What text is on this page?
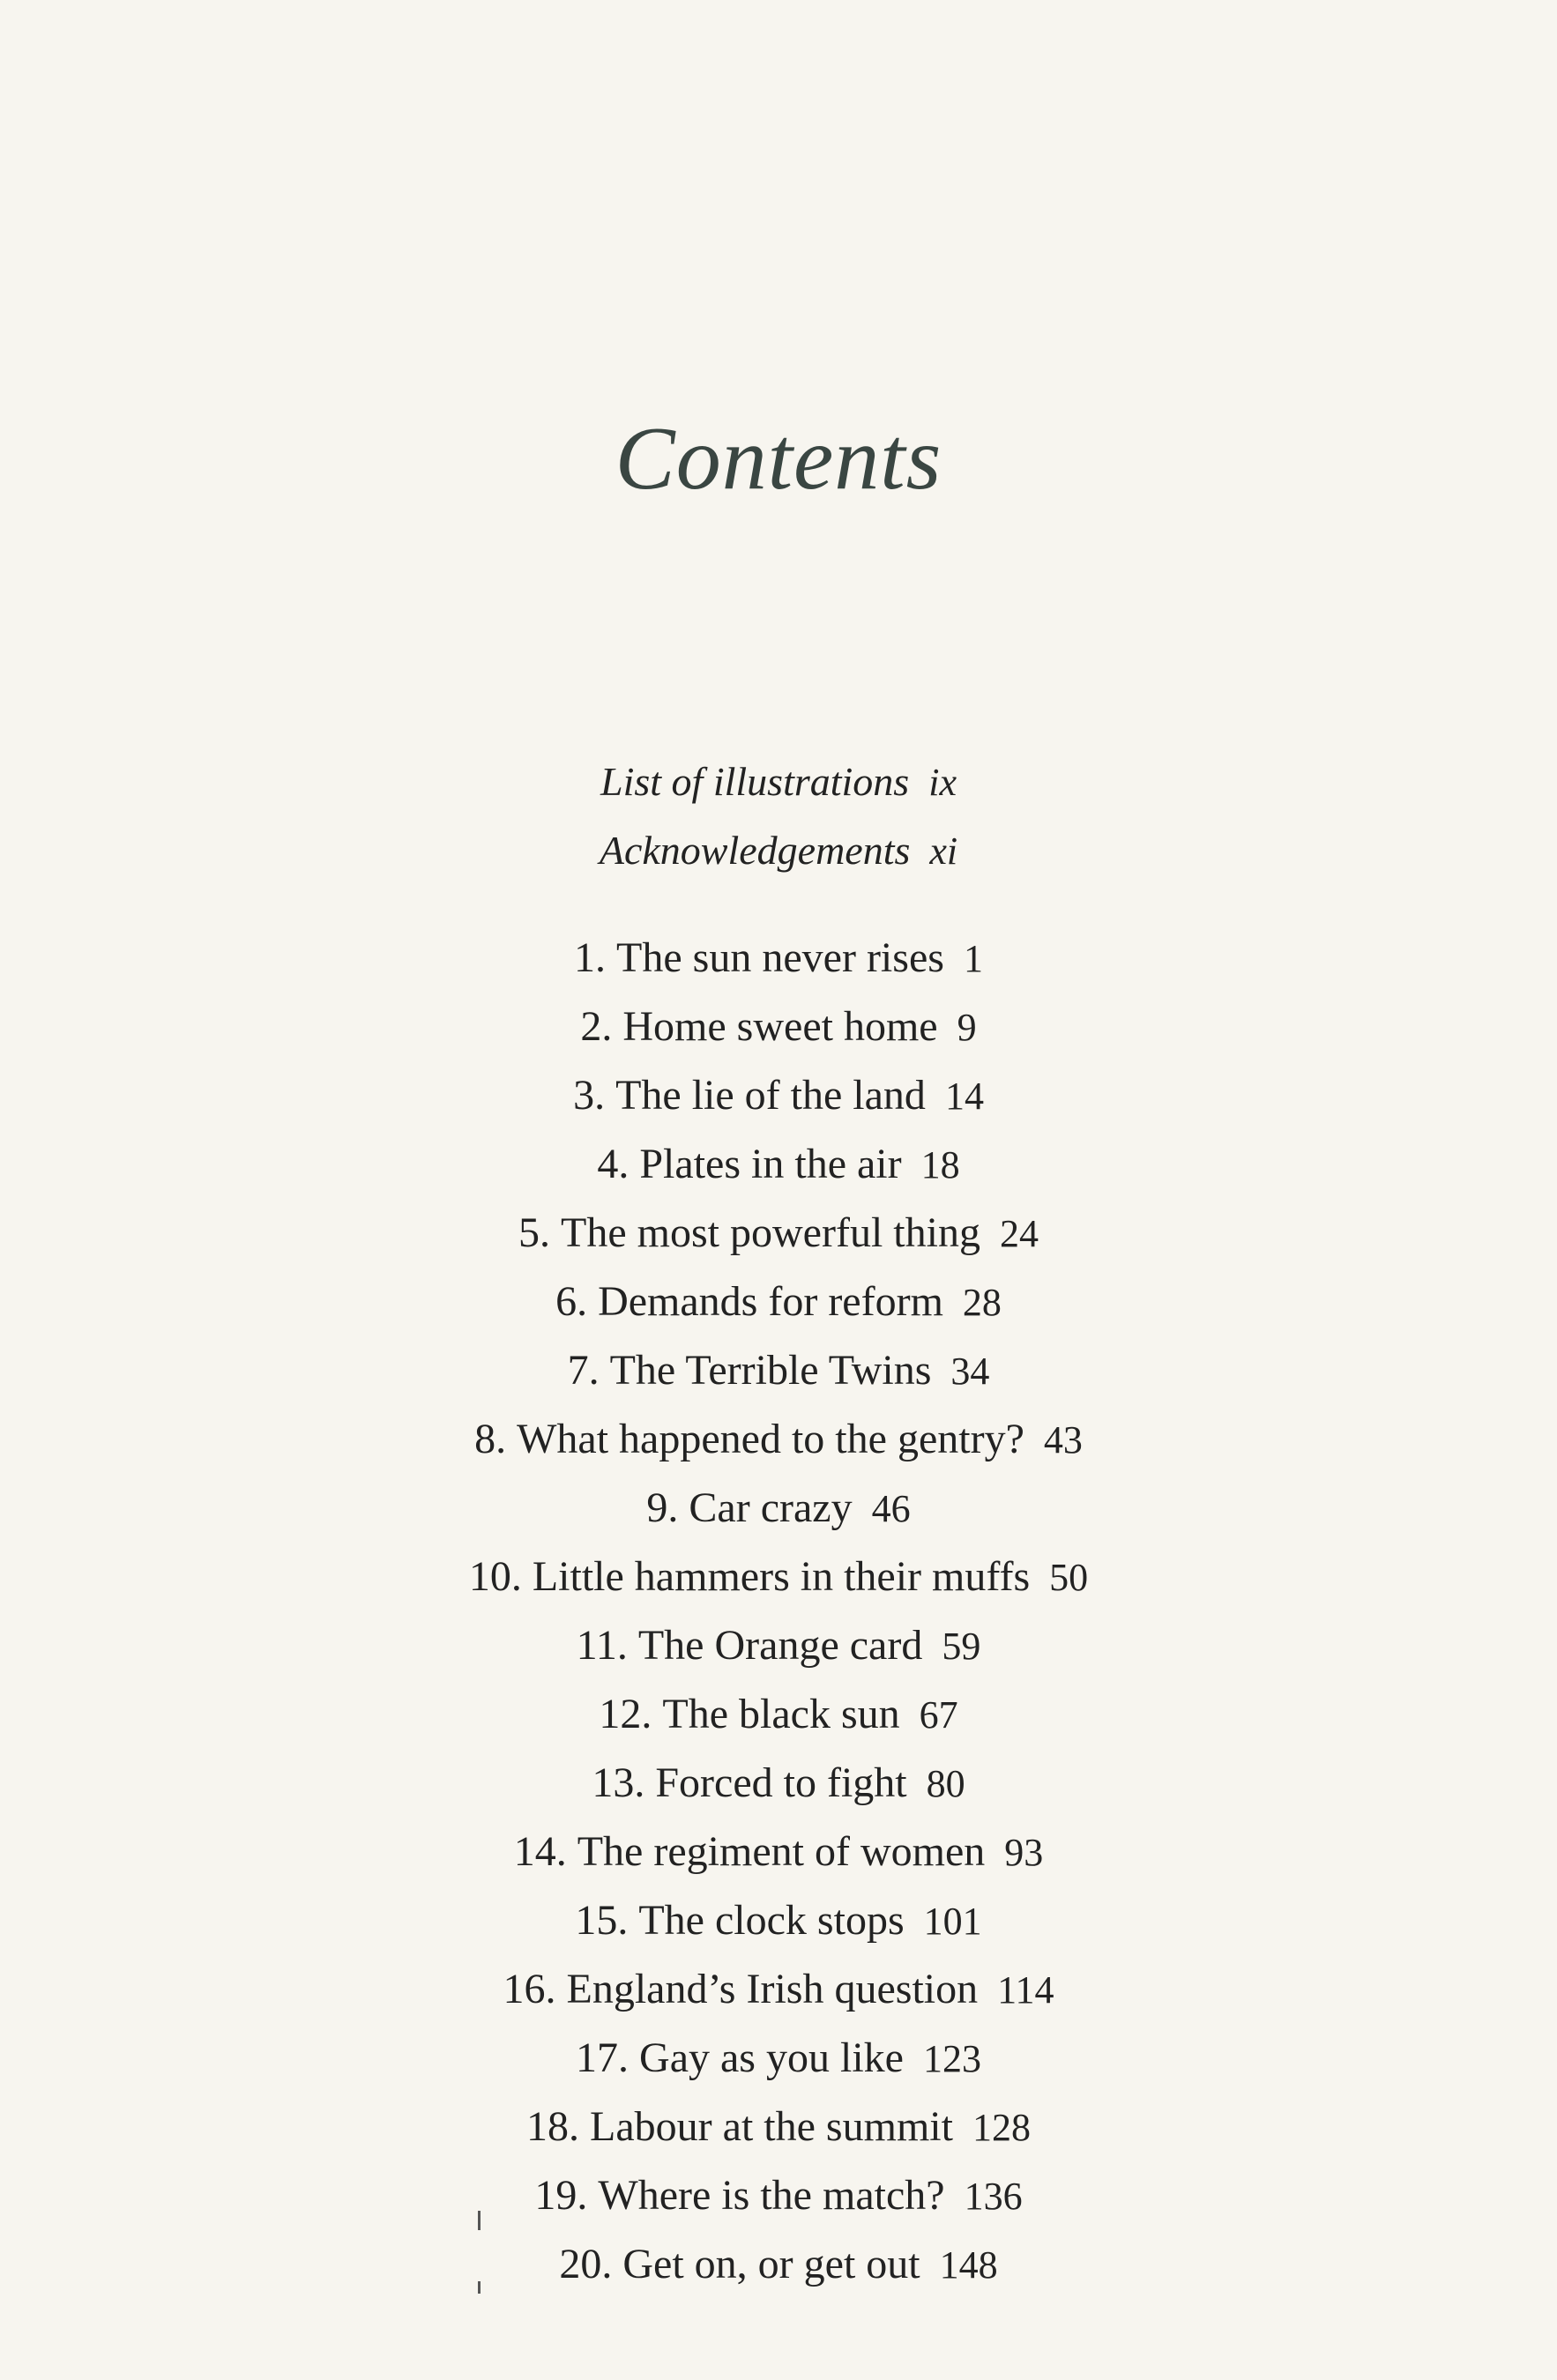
Contents
List of illustrations ix
Acknowledgements xi
1. The sun never rises 1
2. Home sweet home 9
3. The lie of the land 14
4. Plates in the air 18
5. The most powerful thing 24
6. Demands for reform 28
7. The Terrible Twins 34
8. What happened to the gentry? 43
9. Car crazy 46
10. Little hammers in their muffs 50
11. The Orange card 59
12. The black sun 67
13. Forced to fight 80
14. The regiment of women 93
15. The clock stops 101
16. England’s Irish question 114
17. Gay as you like 123
18. Labour at the summit 128
19. Where is the match? 136
20. Get on, or get out 148
